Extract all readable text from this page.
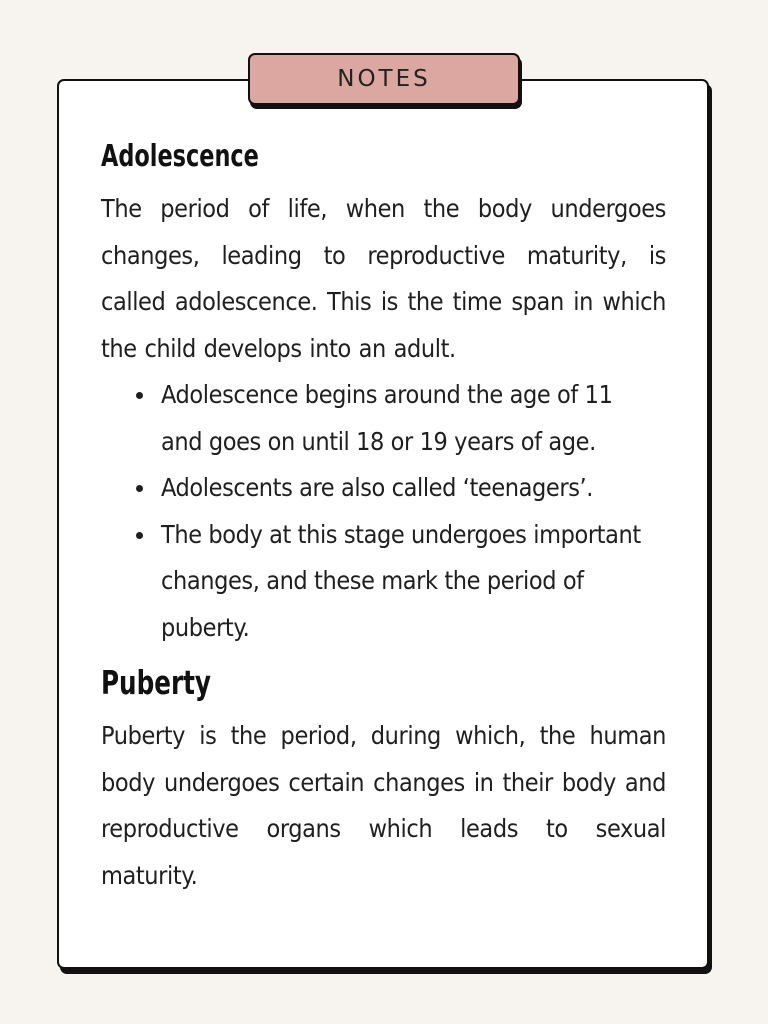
NOTES
Adolescence

The period of life, when the body undergoes changes, leading to reproductive maturity, is called adolescence. This is the time span in which the child develops into an adult.

Adolescence begins around the age of 11 and goes on until 18 or 19 years of age.
Adolescents are also called ‘teenagers’.
The body at this stage undergoes important changes, and these mark the period of puberty.
Puberty

Puberty is the period, during which, the human body undergoes certain changes in their body and reproductive organs which leads to sexual maturity.
